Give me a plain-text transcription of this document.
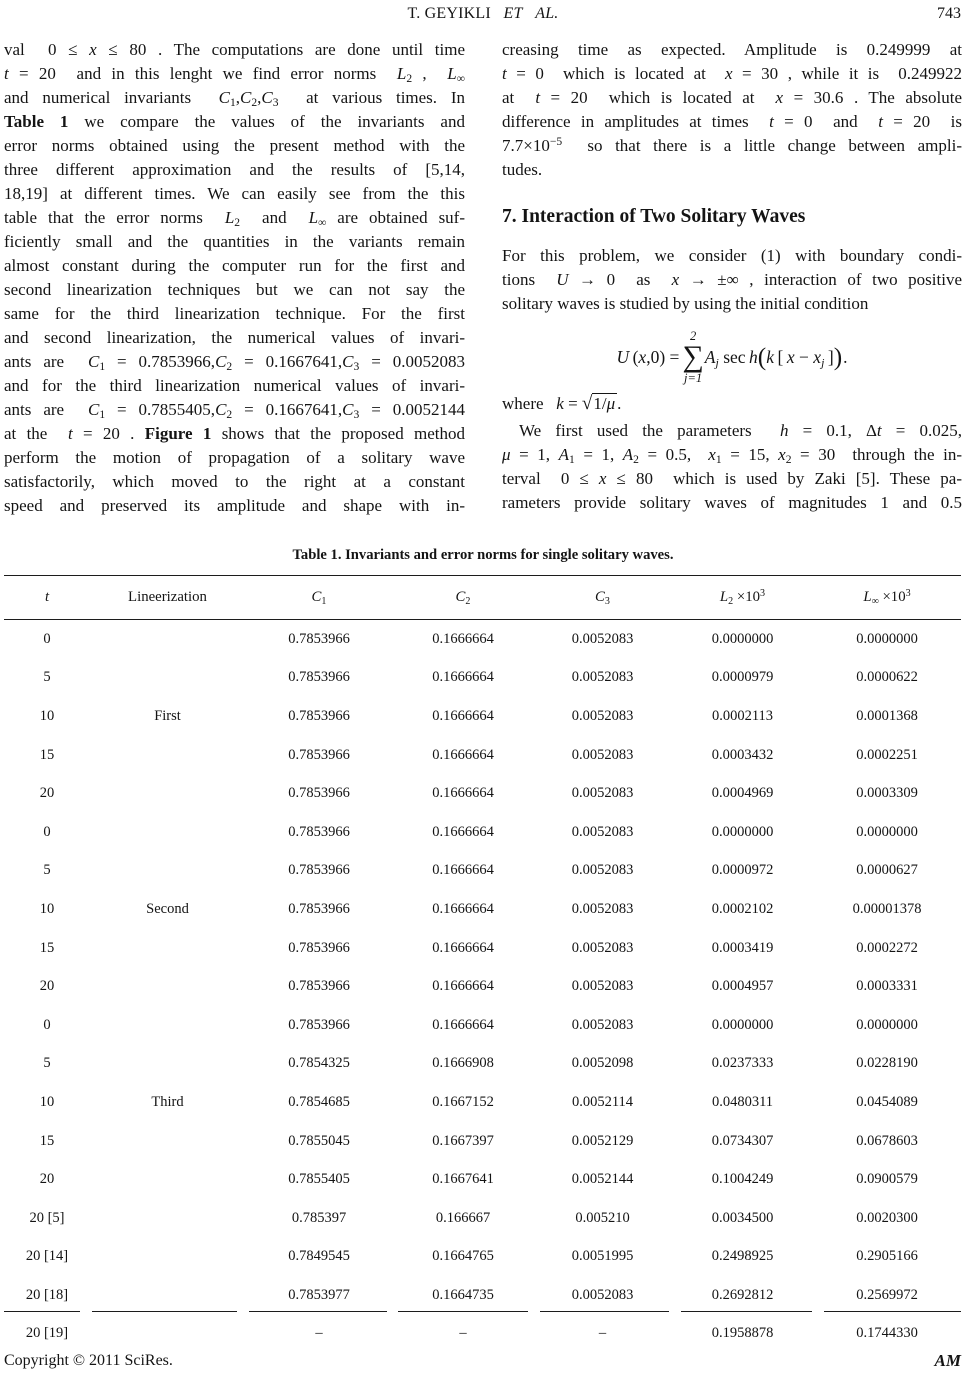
T. GEYIKLI   ET   AL.	743
val  0 ≤ x ≤ 80 . The computations are done until time
t = 20  and in this lenght we find error norms  $L_2$ ,  $L_\infty$
and numerical invariants  $C_1,C_2,C_3$  at various times. In
Table 1 we compare the values of the invariants and
error norms obtained using the present method with the
three different approximation and the results of [5,14,
18,19] at different times. We can easily see from the this
table that the error norms  $L_2$  and  $L_\infty$ are obtained suf-
ficiently small and the quantities in the variants remain
almost constant during the computer run for the first and
second linearization techniques but we can not say the
same for the third linearization technique. For the first
and second linearization, the numerical values of invari-
ants are  $C_1 = 0.7853966,C_2 = 0.1667641,C_3 = 0.0052083$
and for the third linearization numerical values of invari-
ants are  $C_1 = 0.7855405,C_2 = 0.1667641,C_3 = 0.0052144$
at the  t = 20 . Figure 1 shows that the proposed method
perform the motion of propagation of a solitary wave
satisfactorily, which moved to the right at a constant
speed and preserved its amplitude and shape with in-
creasing time as expected. Amplitude is 0.249999 at
t = 0  which is located at  x = 30 , while it is  0.249922
at  t = 20  which is located at  x = 30.6 . The absolute
difference in amplitudes at times  t = 0  and  t = 20  is
$7.7\times 10^{-5}$  so that there is a little change between ampli-
tudes.
7. Interaction of Two Solitary Waves
For this problem, we consider (1) with boundary condi-
tions  U → 0  as  x → ±∞ , interaction of two positive
solitary waves is studied by using the initial condition
U (x,0) =
2
∑
j=1
$A_j$ sec h ( k [ $x - x_j$ ] ) .
where   k = √1/μ .
 We first used the parameters  h = 0.1, Δt = 0.025,
μ = 1, $A_1 = 1$, $A_2 = 0.5$,  $x_1 = 15$, $x_2 = 30$  through the in-
terval  0 ≤ x ≤ 80  which is used by Zaki [5]. These pa-
rameters provide solitary waves of magnitudes 1 and 0.5
Table 1. Invariants and error norms for single solitary waves.
t	Lineerization	$C_1$	$C_2$	$C_3$	$L_2 \times 10^3$	$L_\infty \times 10^3$
0		0.7853966	0.1666664	0.0052083	0.0000000	0.0000000
5		0.7853966	0.1666664	0.0052083	0.0000979	0.0000622
10	First	0.7853966	0.1666664	0.0052083	0.0002113	0.0001368
15		0.7853966	0.1666664	0.0052083	0.0003432	0.0002251
20		0.7853966	0.1666664	0.0052083	0.0004969	0.0003309
0		0.7853966	0.1666664	0.0052083	0.0000000	0.0000000
5		0.7853966	0.1666664	0.0052083	0.0000972	0.0000627
10	Second	0.7853966	0.1666664	0.0052083	0.0002102	0.00001378
15		0.7853966	0.1666664	0.0052083	0.0003419	0.0002272
20		0.7853966	0.1666664	0.0052083	0.0004957	0.0003331
0		0.7853966	0.1666664	0.0052083	0.0000000	0.0000000
5		0.7854325	0.1666908	0.0052098	0.0237333	0.0228190
10	Third	0.7854685	0.1667152	0.0052114	0.0480311	0.0454089
15		0.7855045	0.1667397	0.0052129	0.0734307	0.0678603
20		0.7855405	0.1667641	0.0052144	0.1004249	0.0900579
20 [5]		0.785397	0.166667	0.005210	0.0034500	0.0020300
20 [14]		0.7849545	0.1664765	0.0051995	0.2498925	0.2905166
20 [18]		0.7853977	0.1664735	0.0052083	0.2692812	0.2569972
20 [19]		–	–	–	0.1958878	0.1744330
Copyright © 2011 SciRes.	AM
